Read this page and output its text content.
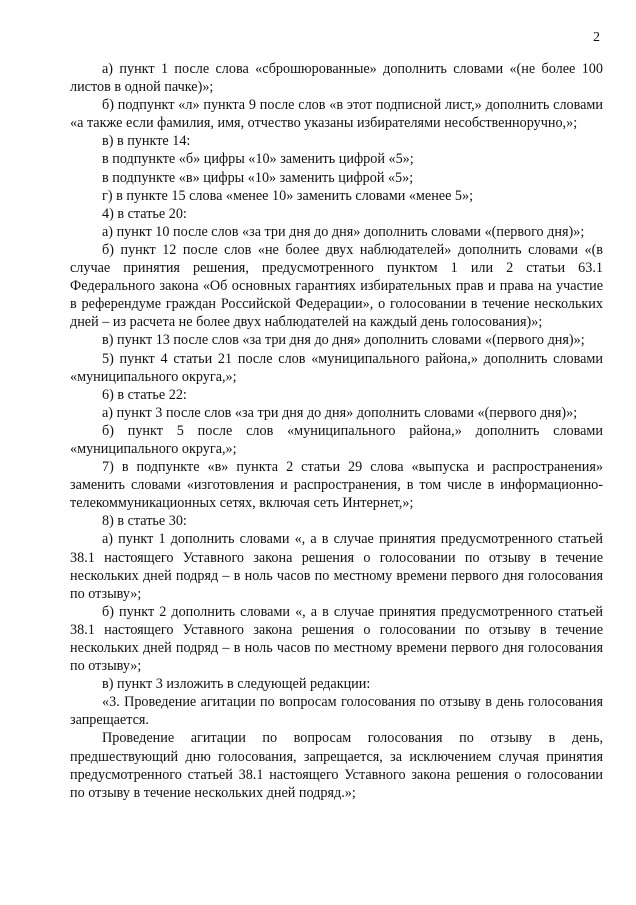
2

а) пункт 1 после слова «сброшюрованные» дополнить словами «(не более 100 листов в одной пачке)»;

б) подпункт «л» пункта 9 после слов «в этот подписной лист,» дополнить словами «а также если фамилия, имя, отчество указаны избирателями несобственноручно,»;

в) в пункте 14:

в подпункте «б» цифры «10» заменить цифрой «5»;

в подпункте «в» цифры «10» заменить цифрой «5»;

г) в пункте 15 слова «менее 10» заменить словами «менее 5»;

4) в статье 20:

а) пункт 10 после слов «за три дня до дня» дополнить словами «(первого дня)»;

б) пункт 12 после слов «не более двух наблюдателей» дополнить словами «(в случае принятия решения, предусмотренного пунктом 1 или 2 статьи 63.1 Федерального закона «Об основных гарантиях избирательных прав и права на участие в референдуме граждан Российской Федерации», о голосовании в течение нескольких дней – из расчета не более двух наблюдателей на каждый день голосования)»;

в) пункт 13 после слов «за три дня до дня» дополнить словами «(первого дня)»;

5) пункт 4 статьи 21 после слов «муниципального района,» дополнить словами «муниципального округа,»;

6) в статье 22:

а) пункт 3 после слов «за три дня до дня» дополнить словами «(первого дня)»;

б) пункт 5 после слов «муниципального района,» дополнить словами «муниципального округа,»;

7) в подпункте «в» пункта 2 статьи 29 слова «выпуска и распространения» заменить словами «изготовления и распространения, в том числе в информационно-телекоммуникационных сетях, включая сеть Интернет,»;

8) в статье 30:

а) пункт 1 дополнить словами «, а в случае принятия предусмотренного статьей 38.1 настоящего Уставного закона решения о голосовании по отзыву в течение нескольких дней подряд – в ноль часов по местному времени первого дня голосования по отзыву»;

б) пункт 2 дополнить словами «, а в случае принятия предусмотренного статьей 38.1 настоящего Уставного закона решения о голосовании по отзыву в течение нескольких дней подряд – в ноль часов по местному времени первого дня голосования по отзыву»;

в) пункт 3 изложить в следующей редакции:

«3. Проведение агитации по вопросам голосования по отзыву в день голосования запрещается.

Проведение агитации по вопросам голосования по отзыву в день, предшествующий дню голосования, запрещается, за исключением случая принятия предусмотренного статьей 38.1 настоящего Уставного закона решения о голосовании по отзыву в течение нескольких дней подряд.»;
